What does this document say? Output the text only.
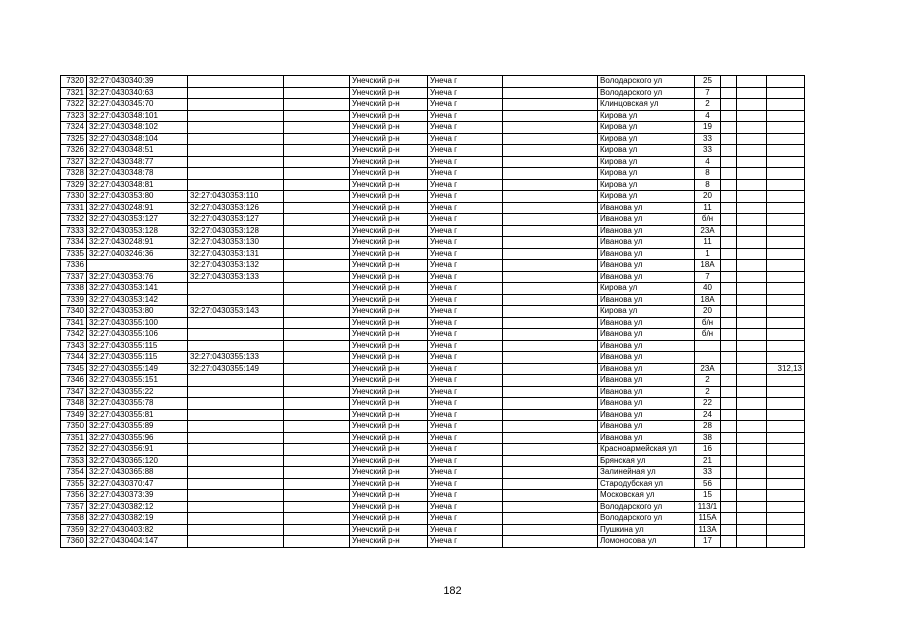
7320	32:27:0430340:39			Унечский р-н	Унеча г		Володарского ул	25			
7321	32:27:0430340:63			Унечский р-н	Унеча г		Володарского ул	7			
7322	32:27:0430345:70			Унечский р-н	Унеча г		Клинцовская ул	2			
7323	32:27:0430348:101			Унечский р-н	Унеча г		Кирова ул	4			
7324	32:27:0430348:102			Унечский р-н	Унеча г		Кирова ул	19			
7325	32:27:0430348:104			Унечский р-н	Унеча г		Кирова ул	33			
7326	32:27:0430348:51			Унечский р-н	Унеча г		Кирова ул	33			
7327	32:27:0430348:77			Унечский р-н	Унеча г		Кирова ул	4			
7328	32:27:0430348:78			Унечский р-н	Унеча г		Кирова ул	8			
7329	32:27:0430348:81			Унечский р-н	Унеча г		Кирова ул	8			
7330	32:27:0430353:80	32:27:0430353:110		Унечский р-н	Унеча г		Кирова ул	20			
7331	32:27:0430248:91	32:27:0430353:126		Унечский р-н	Унеча г		Иванова ул	11			
7332	32:27:0430353:127	32:27:0430353:127		Унечский р-н	Унеча г		Иванова ул	б/н			
7333	32:27:0430353:128	32:27:0430353:128		Унечский р-н	Унеча г		Иванова ул	23А			
7334	32:27:0430248:91	32:27:0430353:130		Унечский р-н	Унеча г		Иванова ул	11			
7335	32:27:0403246:36	32:27:0430353:131		Унечский р-н	Унеча г		Иванова ул	1			
7336		32:27:0430353:132		Унечский р-н	Унеча г		Иванова ул	18А			
7337	32:27:0430353:76	32:27:0430353:133		Унечский р-н	Унеча г		Иванова ул	7			
7338	32:27:0430353:141			Унечский р-н	Унеча г		Кирова ул	40			
7339	32:27:0430353:142			Унечский р-н	Унеча г		Иванова ул	18А			
7340	32:27:0430353:80	32:27:0430353:143		Унечский р-н	Унеча г		Кирова ул	20			
7341	32:27:0430355:100			Унечский р-н	Унеча г		Иванова ул	б/н			
7342	32:27:0430355:106			Унечский р-н	Унеча г		Иванова ул	б/н			
7343	32:27:0430355:115			Унечский р-н	Унеча г		Иванова ул				
7344	32:27:0430355:115	32:27:0430355:133		Унечский р-н	Унеча г		Иванова ул				
7345	32:27:0430355:149	32:27:0430355:149		Унечский р-н	Унеча г		Иванова ул	23А			312,13
7346	32:27:0430355:151			Унечский р-н	Унеча г		Иванова ул	2			
7347	32:27:0430355:22			Унечский р-н	Унеча г		Иванова ул	2			
7348	32:27:0430355:78			Унечский р-н	Унеча г		Иванова ул	22			
7349	32:27:0430355:81			Унечский р-н	Унеча г		Иванова ул	24			
7350	32:27:0430355:89			Унечский р-н	Унеча г		Иванова ул	28			
7351	32:27:0430355:96			Унечский р-н	Унеча г		Иванова ул	38			
7352	32:27:0430356:91			Унечский р-н	Унеча г		Красноармейская ул	16			
7353	32:27:0430365:120			Унечский р-н	Унеча г		Брянская ул	21			
7354	32:27:0430365:88			Унечский р-н	Унеча г		Залинейная ул	33			
7355	32:27:0430370:47			Унечский р-н	Унеча г		Стародубская ул	56			
7356	32:27:0430373:39			Унечский р-н	Унеча г		Московская ул	15			
7357	32:27:0430382:12			Унечский р-н	Унеча г		Володарского ул	113/1			
7358	32:27:0430382:19			Унечский р-н	Унеча г		Володарского ул	115А			
7359	32:27:0430403:82			Унечский р-н	Унеча г		Пушкина ул	113А			
7360	32:27:0430404:147			Унечский р-н	Унеча г		Ломоносова ул	17			
182
